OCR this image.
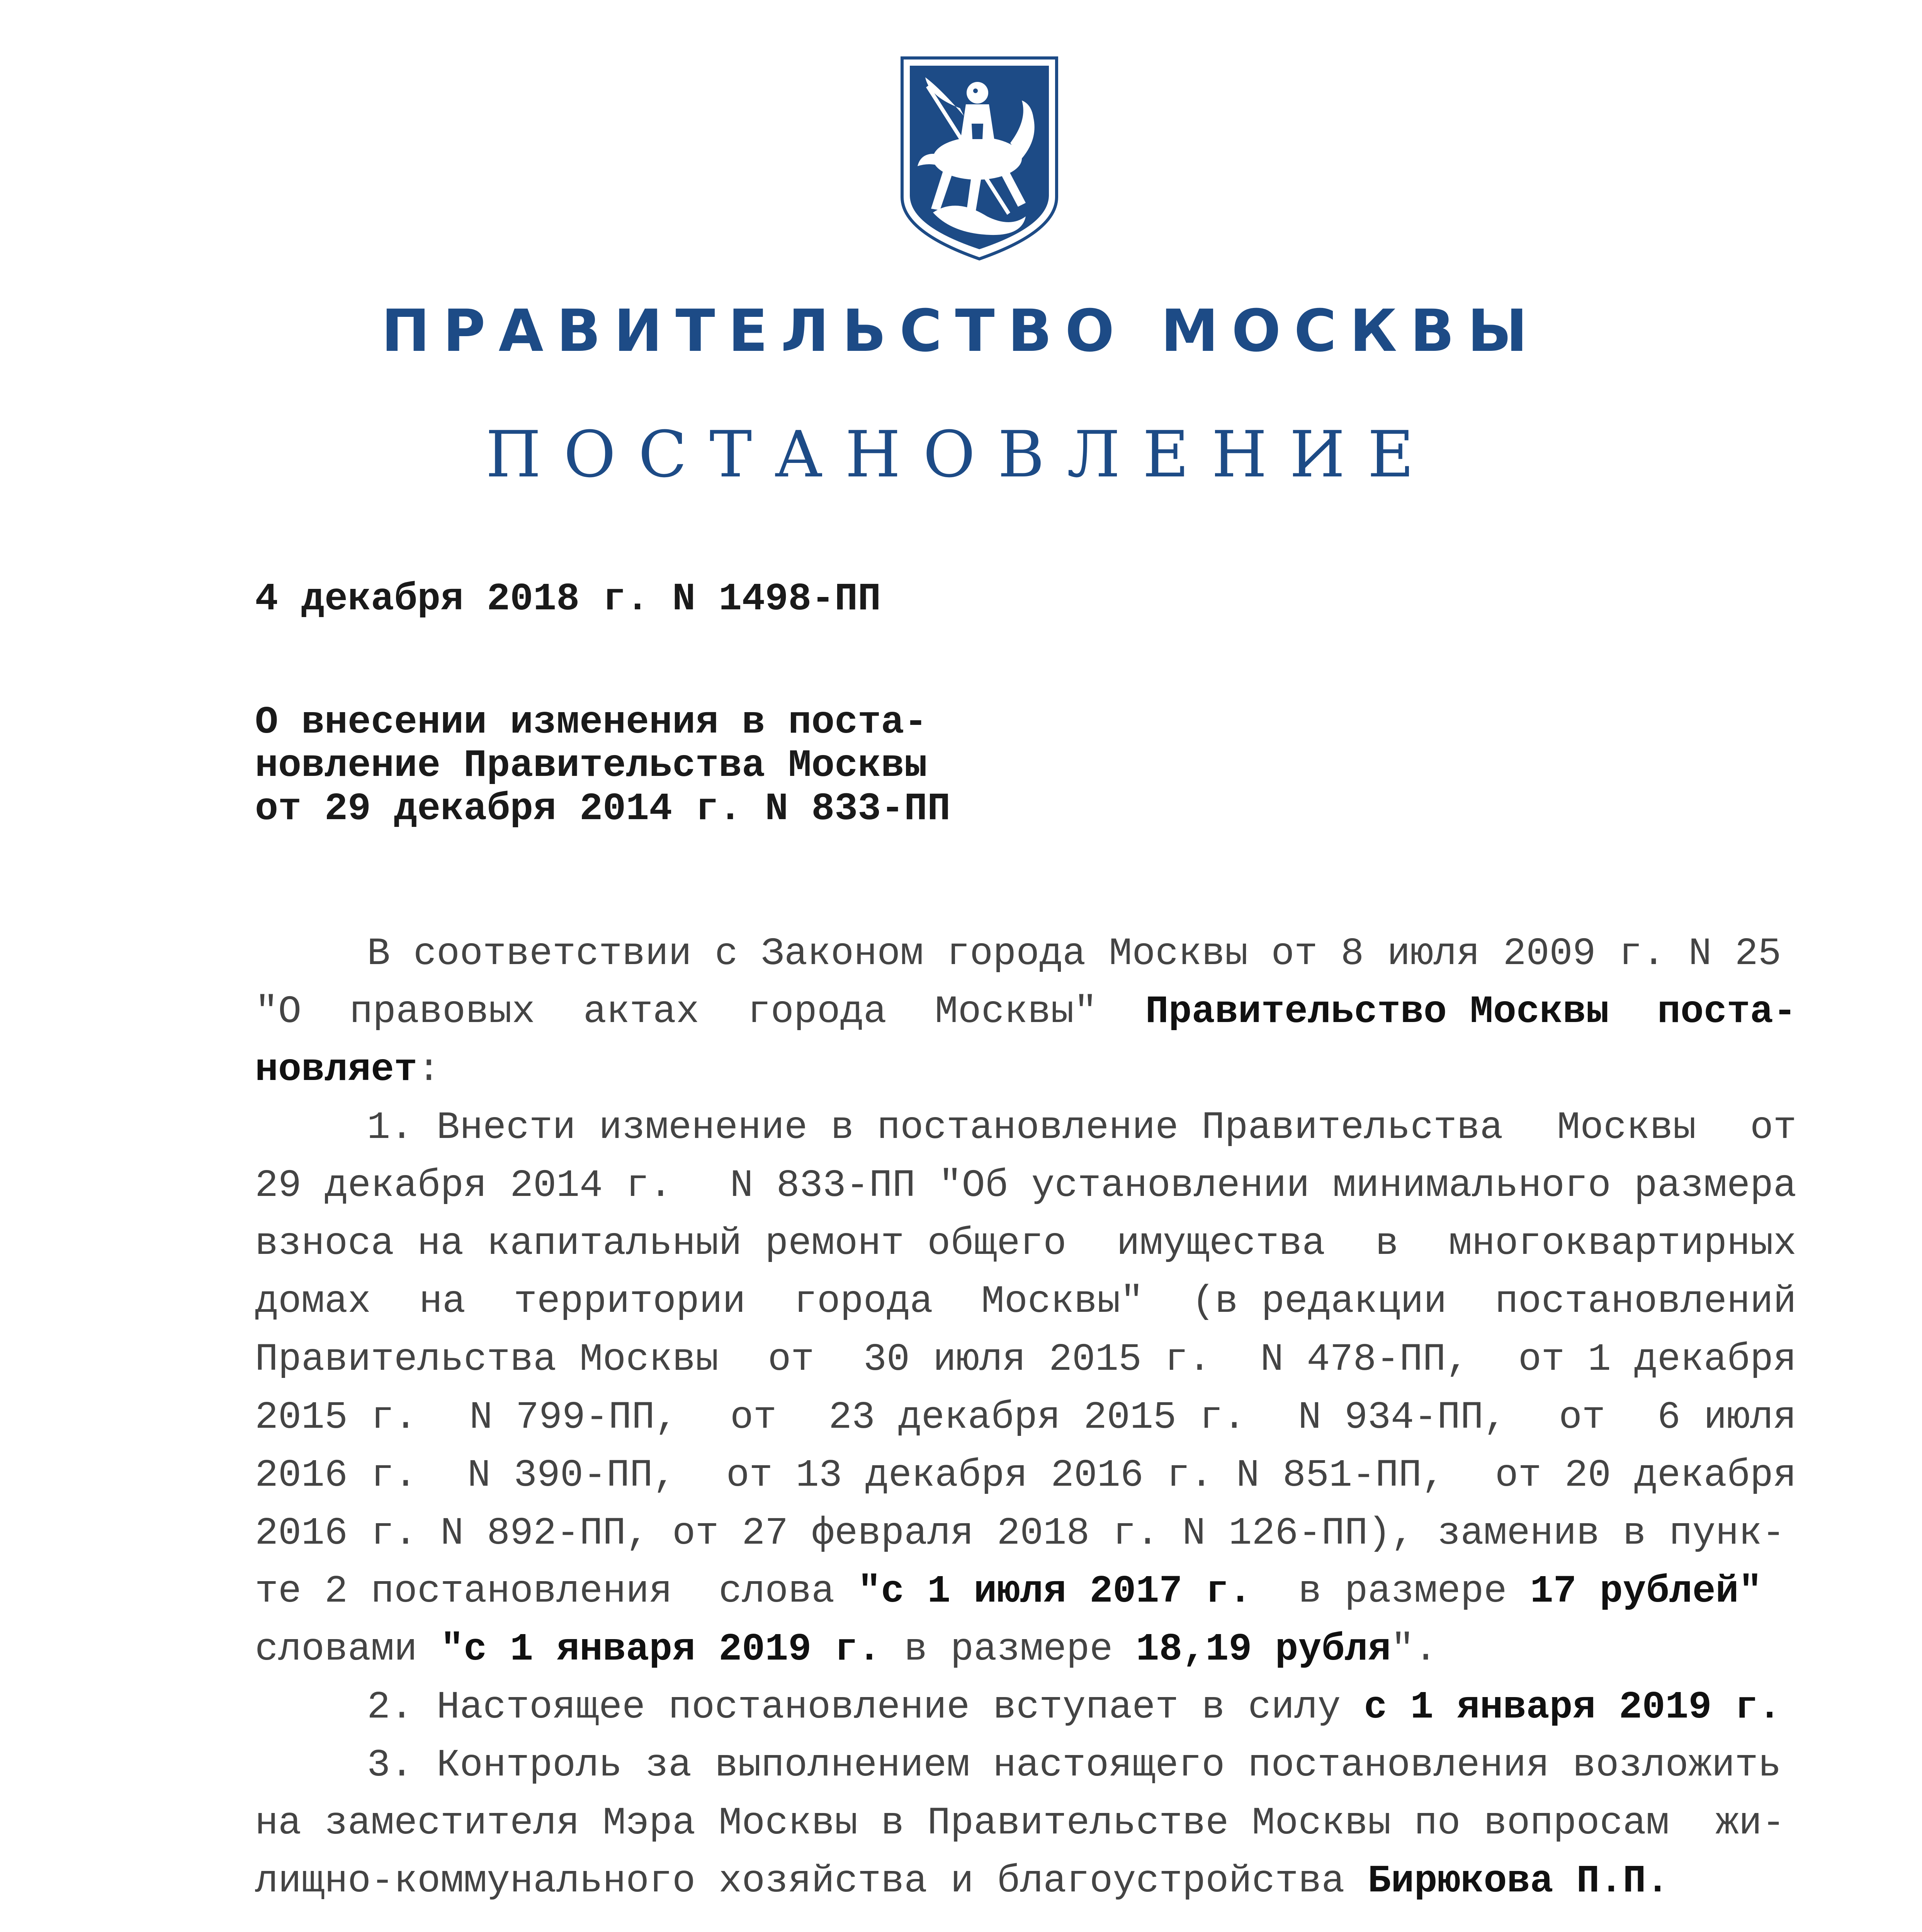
ПРАВИТЕЛЬСТВО МОСКВЫ
ПОСТАНОВЛЕНИЕ
4 декабря 2018 г. N 1498-ПП
О внесении изменения в поста-
новление Правительства Москвы
от 29 декабря 2014 г. N 833-ПП
В соответствии с Законом города Москвы от 8 июля 2009 г. N 25
"О правовых актах города Москвы" Правительство Москвы поста-
новляет :
1. Внести изменение в постановление Правительства Москвы от
29 декабря 2014 г. N 833-ПП "Об установлении минимального размера
взноса на капитальный ремонт общего имущества в многоквартирных
домах на территории города Москвы" (в редакции постановлений
Правительства Москвы от 30 июля 2015 г. N 478-ПП, от 1 декабря
2015 г. N 799-ПП, от 23 декабря 2015 г. N 934-ПП, от 6 июля
2016 г. N 390-ПП, от 13 декабря 2016 г. N 851-ПП, от 20 декабря
2016 г. N 892-ПП, от 27 февраля 2018 г. N 126-ПП), заменив в пунк-
те 2 постановления  слова "с 1 июля 2017 г. в размере 17 рублей"
словами "с 1 января 2019 г. в размере 18,19 рубля ".
2. Настоящее постановление вступает в силу с 1 января 2019 г.
3. Контроль за выполнением настоящего постановления возложить
на заместителя Мэра Москвы в Правительстве Москвы по вопросам  жи-
лищно-коммунального хозяйства и благоустройства Бирюкова П.П.
